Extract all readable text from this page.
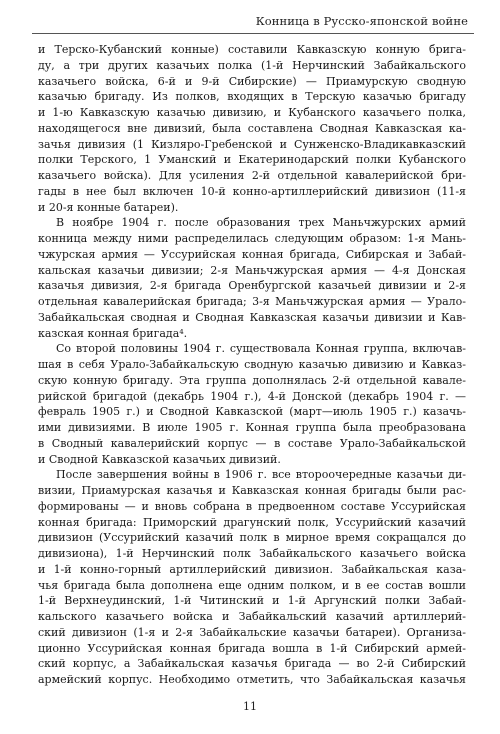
Конница в Русско-японской войне

и Терско-Кубанский конные) составили Кавказскую конную брига-
ду, а три других казачьих полка (1-й Нерчинский Забайкальского
казачьего войска, 6-й и 9-й Сибирские) — Приамурскую сводную
казачью бригаду. Из полков, входящих в Терскую казачью бригаду
и 1-ю Кавказскую казачью дивизию, и Кубанского казачьего полка,
находящегося вне дивизий, была составлена Сводная Кавказская ка-
зачья дивизия (1 Кизляро-Гребенской и Сунженско-Владикавказский
полки Терского, 1 Уманский и Екатеринодарский полки Кубанского
казачьего войска). Для усиления 2-й отдельной кавалерийской бри-
гады в нее был включен 10-й конно-артиллерийский дивизион (11-я
и 20-я конные батареи).

В ноябре 1904 г. после образования трех Маньчжурских армий
конница между ними распределилась следующим образом: 1-я Мань-
чжурская армия — Уссурийская конная бригада, Сибирская и Забай-
кальская казачьи дивизии; 2-я Маньчжурская армия — 4-я Донская
казачья дивизия, 2-я бригада Оренбургской казачьей дивизии и 2-я
отдельная кавалерийская бригада; 3-я Маньчжурская армия — Урало-
Забайкальская сводная и Сводная Кавказская казачьи дивизии и Кав-
казская конная бригада⁴.

Со второй половины 1904 г. существовала Конная группа, включав-
шая в себя Урало-Забайкальскую сводную казачью дивизию и Кавказ-
скую конную бригаду. Эта группа дополнялась 2-й отдельной кавале-
рийской бригадой (декабрь 1904 г.), 4-й Донской (декабрь 1904 г. —
февраль 1905 г.) и Сводной Кавказской (март—июль 1905 г.) казачь-
ими дивизиями. В июле 1905 г. Конная группа была преобразована
в Сводный кавалерийский корпус — в составе Урало-Забайкальской
и Сводной Кавказской казачьих дивизий.

После завершения войны в 1906 г. все второочередные казачьи ди-
визии, Приамурская казачья и Кавказская конная бригады были рас-
формированы — и вновь собрана в предвоенном составе Уссурийская
конная бригада: Приморский драгунский полк, Уссурийский казачий
дивизион (Уссурийский казачий полк в мирное время сокращался до
дивизиона), 1-й Нерчинский полк Забайкальского казачьего войска
и 1-й конно-горный артиллерийский дивизион. Забайкальская каза-
чья бригада была дополнена еще одним полком, и в ее состав вошли
1-й Верхнеудинский, 1-й Читинский и 1-й Аргунский полки Забай-
кальского казачьего войска и Забайкальский казачий артиллерий-
ский дивизион (1-я и 2-я Забайкальские казачьи батареи). Организа-
ционно Уссурийская конная бригада вошла в 1-й Сибирский армей-
ский корпус, а Забайкальская казачья бригада — во 2-й Сибирский
армейский корпус. Необходимо отметить, что Забайкальская казачья

11
